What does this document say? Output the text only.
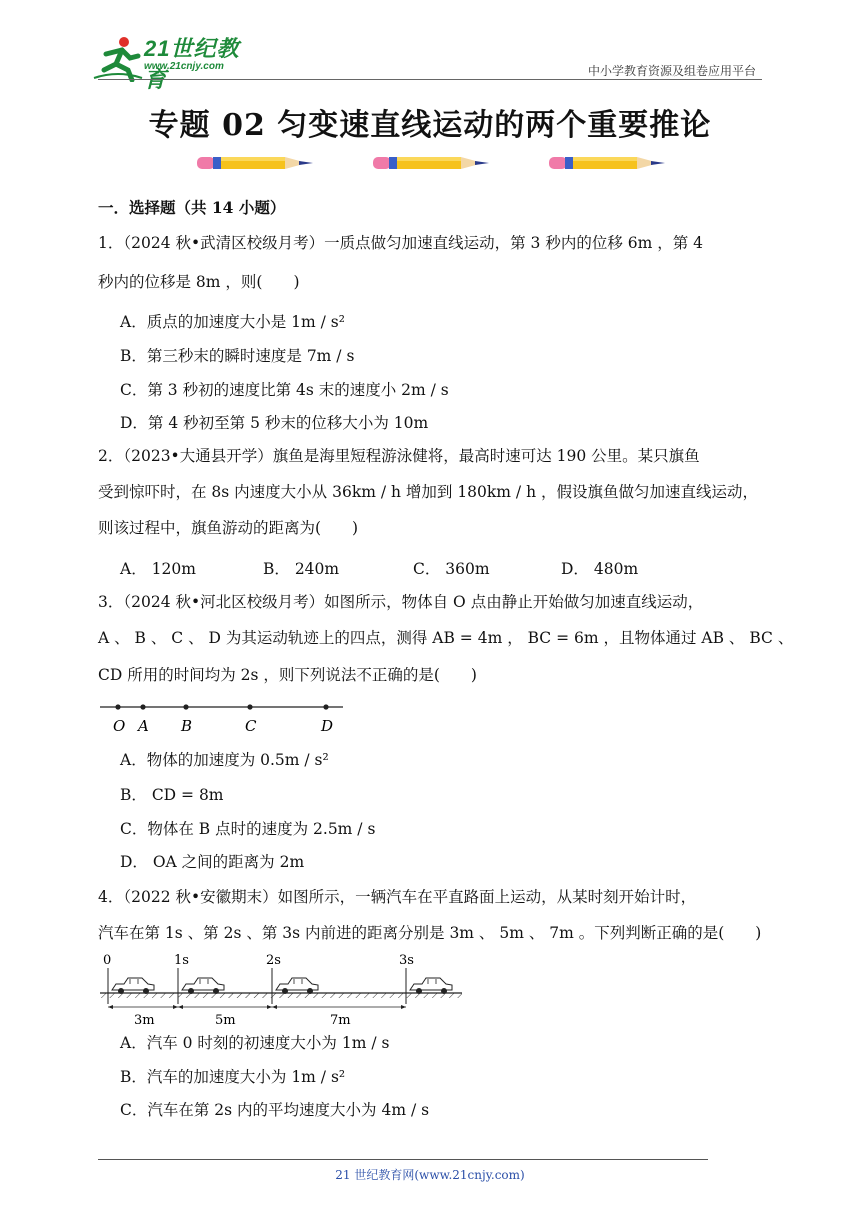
21世纪教育
www.21cnjy.com	中小学教育资源及组卷应用平台
专题 02 匀变速直线运动的两个重要推论
一．选择题（共 14 小题）
1．（2024 秋•武清区校级月考）一质点做匀加速直线运动，第 3 秒内的位移 6m ，第 4
秒内的位移是 8m ，则(　　)
A．质点的加速度大小是 1m / s²
B．第三秒末的瞬时速度是 7m / s
C．第 3 秒初的速度比第 4s 末的速度小 2m / s
D．第 4 秒初至第 5 秒末的位移大小为 10m
2．（2023•大通县开学）旗鱼是海里短程游泳健将，最高时速可达 190 公里。某只旗鱼
受到惊吓时，在 8s 内速度大小从 36km / h 增加到 180km / h ，假设旗鱼做匀加速直线运动，
则该过程中，旗鱼游动的距离为(　　)
A． 120m	B． 240m	C． 360m	D． 480m
3．（2024 秋•河北区校级月考）如图所示，物体自 O 点由静止开始做匀加速直线运动，
A 、 B 、 C 、 D 为其运动轨迹上的四点，测得 AB = 4m ， BC = 6m ，且物体通过 AB 、 BC 、
CD 所用的时间均为 2s ，则下列说法不正确的是(　　)
O A B	C	D
A．物体的加速度为 0.5m / s²
B． CD = 8m
C．物体在 B 点时的速度为 2.5m / s
D． OA 之间的距离为 2m
4．（2022 秋•安徽期末）如图所示，一辆汽车在平直路面上运动，从某时刻开始计时，
汽车在第 1s 、第 2s 、第 3s 内前进的距离分别是 3m 、 5m 、 7m 。下列判断正确的是(　　)
0	1s	2s	3s
3m	5m	7m
A．汽车 0 时刻的初速度大小为 1m / s
B．汽车的加速度大小为 1m / s²
C．汽车在第 2s 内的平均速度大小为 4m / s
21 世纪教育网(www.21cnjy.com)
